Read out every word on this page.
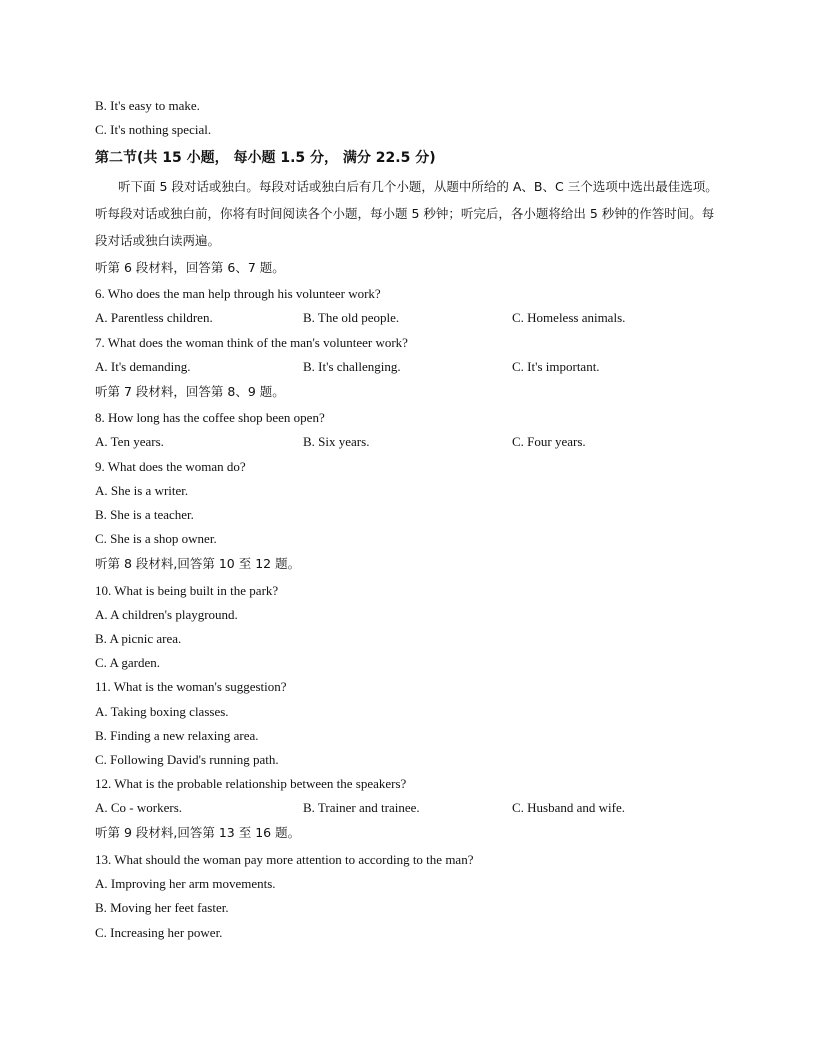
B. It's easy to make.
C. It's nothing special.
第二节(共 15 小题， 每小题 1.5 分， 满分 22.5 分)
听下面 5 段对话或独白。每段对话或独白后有几个小题，从题中所给的 A、B、C 三个选项中选出最佳选项。听每段对话或独白前，你将有时间阅读各个小题，每小题 5 秒钟；听完后，各小题将给出 5 秒钟的作答时间。每段对话或独白读两遍。
听第 6 段材料，回答第 6、7 题。
6. Who does the man help through his volunteer work?
A. Parentless children.	B. The old people.	C. Homeless animals.
7. What does the woman think of the man's volunteer work?
A. It's demanding.	B. It's challenging.	C. It's important.
听第 7 段材料，回答第 8、9 题。
8. How long has the coffee shop been open?
A. Ten years.	B. Six years.	C. Four years.
9. What does the woman do?
A. She is a writer.
B. She is a teacher.
C. She is a shop owner.
听第 8 段材料,回答第 10 至 12 题。
10. What is being built in the park?
A. A children's playground.
B. A picnic area.
C. A garden.
11. What is the woman's suggestion?
A. Taking boxing classes.
B. Finding a new relaxing area.
C. Following David's running path.
12. What is the probable relationship between the speakers?
A. Co - workers.	B. Trainer and trainee.	C. Husband and wife.
听第 9 段材料,回答第 13 至 16 题。
13. What should the woman pay more attention to according to the man?
A. Improving her arm movements.
B. Moving her feet faster.
C. Increasing her power.
